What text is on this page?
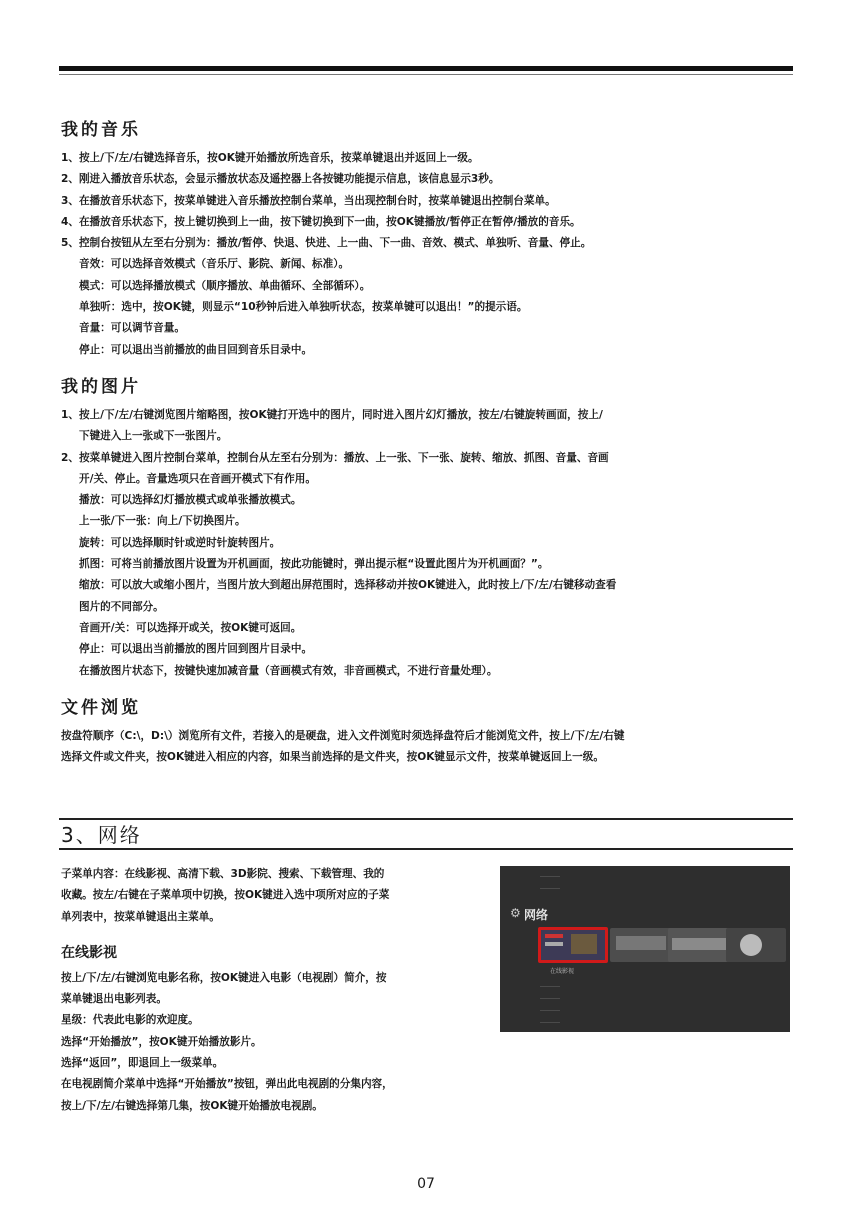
我的音乐
1、按上/下/左/右键选择音乐，按OK键开始播放所选音乐，按菜单键退出并返回上一级。
2、刚进入播放音乐状态，会显示播放状态及遥控器上各按键功能提示信息，该信息显示3秒。
3、在播放音乐状态下，按菜单键进入音乐播放控制台菜单，当出现控制台时，按菜单键退出控制台菜单。
4、在播放音乐状态下，按上键切换到上一曲，按下键切换到下一曲，按OK键播放/暂停正在暂停/播放的音乐。
5、控制台按钮从左至右分别为：播放/暂停、快退、快进、上一曲、下一曲、音效、模式、单独听、音量、停止。
音效：可以选择音效模式（音乐厅、影院、新闻、标准）。
模式：可以选择播放模式（顺序播放、单曲循环、全部循环）。
单独听：选中，按OK键，则显示“10秒钟后进入单独听状态，按菜单键可以退出！”的提示语。
音量：可以调节音量。
停止：可以退出当前播放的曲目回到音乐目录中。
我的图片
1、按上/下/左/右键浏览图片缩略图，按OK键打开选中的图片，同时进入图片幻灯播放，按左/右键旋转画面，按上/
下键进入上一张或下一张图片。
2、按菜单键进入图片控制台菜单，控制台从左至右分别为：播放、上一张、下一张、旋转、缩放、抓图、音量、音画
开/关、停止。音量选项只在音画开模式下有作用。
播放：可以选择幻灯播放模式或单张播放模式。
上一张/下一张：向上/下切换图片。
旋转：可以选择顺时针或逆时针旋转图片。
抓图：可将当前播放图片设置为开机画面，按此功能键时，弹出提示框“设置此图片为开机画面？”。
缩放：可以放大或缩小图片，当图片放大到超出屏范围时，选择移动并按OK键进入，此时按上/下/左/右键移动查看
图片的不同部分。
音画开/关：可以选择开或关，按OK键可返回。
停止：可以退出当前播放的图片回到图片目录中。
在播放图片状态下，按键快速加减音量（音画模式有效，非音画模式，不进行音量处理）。
文件浏览
按盘符顺序（C:\，D:\）浏览所有文件，若接入的是硬盘，进入文件浏览时须选择盘符后才能浏览文件，按上/下/左/右键
选择文件或文件夹，按OK键进入相应的内容，如果当前选择的是文件夹，按OK键显示文件，按菜单键返回上一级。
3、网络
子菜单内容：在线影视、高清下载、3D影院、搜索、下载管理、我的
收藏。按左/右键在子菜单项中切换，按OK键进入选中项所对应的子菜
单列表中，按菜单键退出主菜单。
在线影视
按上/下/左/右键浏览电影名称，按OK键进入电影（电视剧）简介，按
菜单键退出电影列表。
星级：代表此电影的欢迎度。
选择“开始播放”，按OK键开始播放影片。
选择“返回”，即退回上一级菜单。
在电视剧简介菜单中选择“开始播放”按钮，弹出此电视剧的分集内容，
按上/下/左/右键选择第几集，按OK键开始播放电视剧。
⚙ 网络
在线影视
07
